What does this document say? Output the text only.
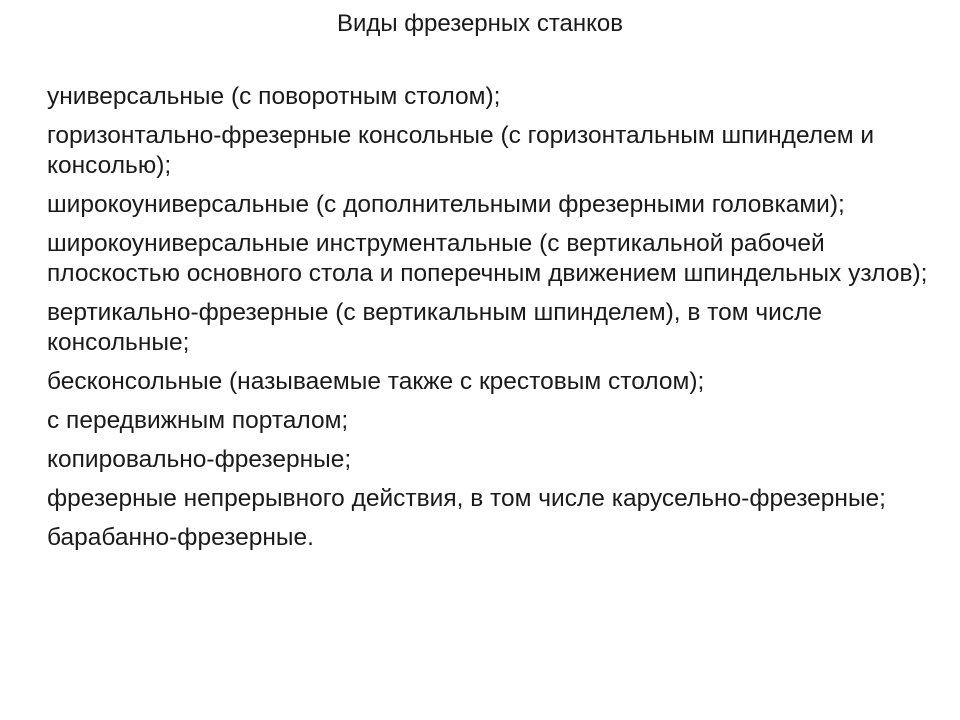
Виды фрезерных станков
универсальные (с поворотным столом);
горизонтально-фрезерные консольные (с горизонтальным шпинделем и консолью);
широкоуниверсальные (с дополнительными фрезерными головками);
широкоуниверсальные инструментальные (с вертикальной рабочей плоскостью основного стола и поперечным движением шпиндельных узлов);
вертикально-фрезерные (с вертикальным шпинделем), в том числе консольные;
бесконсольные (называемые также с крестовым столом);
с передвижным порталом;
копировально-фрезерные;
фрезерные непрерывного действия, в том числе карусельно-фрезерные;
барабанно-фрезерные.
